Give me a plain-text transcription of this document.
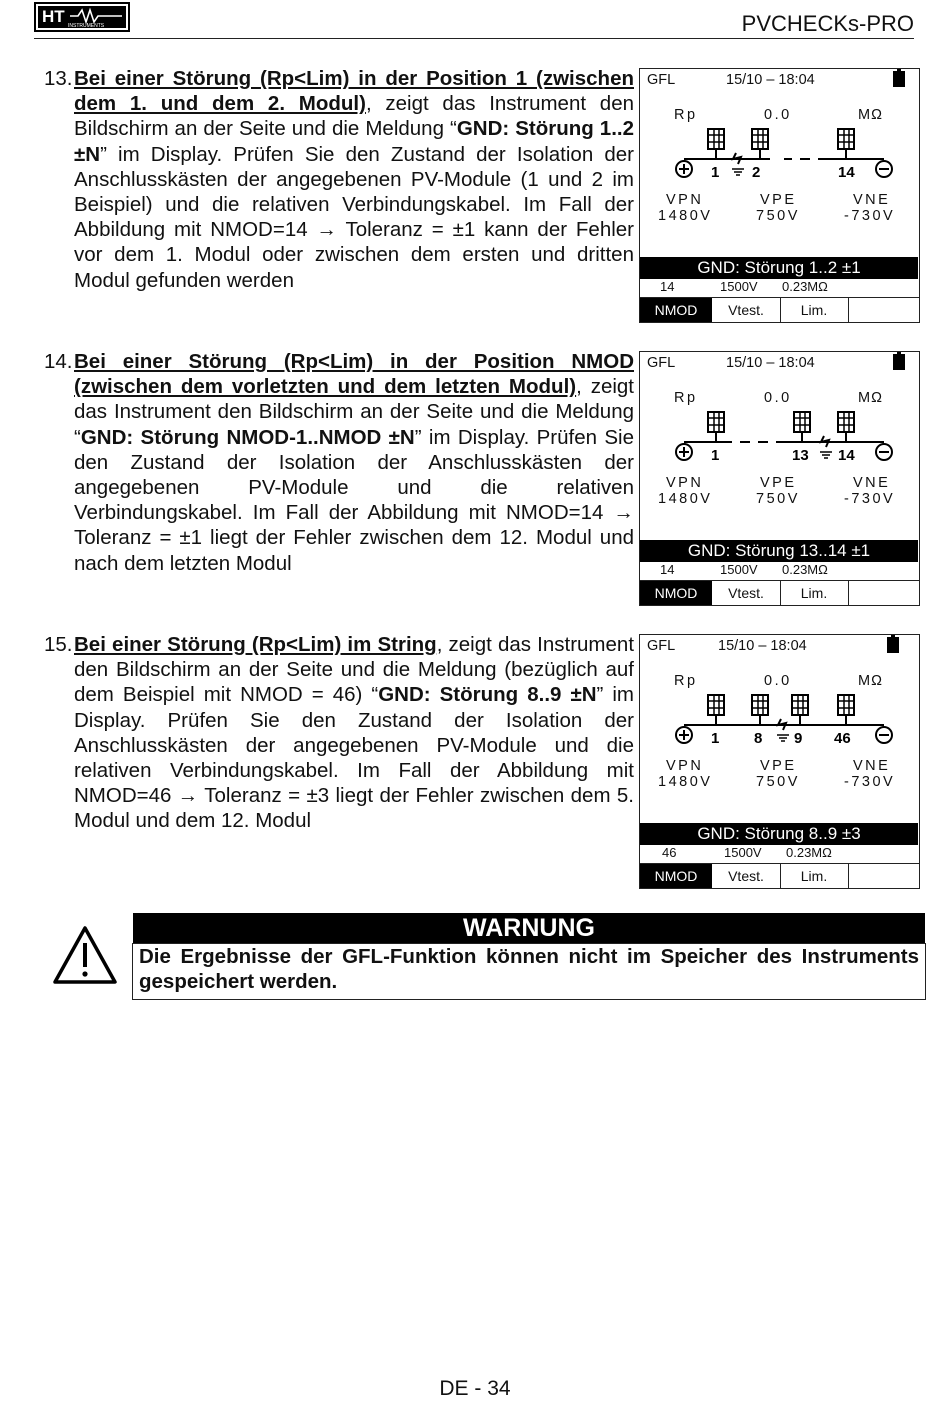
HT INSTRUMENTS	PVCHECKs-PRO
13. Bei einer Störung (Rp<Lim) in der Position 1 (zwischen dem 1. und dem 2. Modul), zeigt das Instrument den Bildschirm an der Seite und die Meldung “GND: Störung 1..2 ±N” im Display. Prüfen Sie den Zustand der Isolation der Anschlusskästen der angegebenen PV-Module (1 und 2 im Beispiel) und die relativen Verbindungskabel. Im Fall der Abbildung mit NMOD=14 → Toleranz = ±1 kann der Fehler vor dem 1. Modul oder zwischen dem ersten und dritten Modul gefunden werden
14. Bei einer Störung (Rp<Lim) in der Position NMOD (zwischen dem vorletzten und dem letzten Modul), zeigt das Instrument den Bildschirm an der Seite und die Meldung “GND: Störung NMOD-1..NMOD ±N” im Display. Prüfen Sie den Zustand der Isolation der Anschlusskästen der angegebenen PV-Module und die relativen Verbindungskabel. Im Fall der Abbildung mit NMOD=14 → Toleranz = ±1 liegt der Fehler zwischen dem 12. Modul und nach dem letzten Modul
15. Bei einer Störung (Rp<Lim) im String, zeigt das Instrument den Bildschirm an der Seite und die Meldung (bezüglich auf dem Beispiel mit NMOD = 46) “GND: Störung 8..9 ±N” im Display. Prüfen Sie den Zustand der Isolation der Anschlusskästen der angegebenen PV-Module und die relativen Verbindungskabel. Im Fall der Abbildung mit NMOD=46 → Toleranz = ±3 liegt der Fehler zwischen dem 5. Modul und dem 12. Modul
GFL	15/10 – 18:04
Rp	0.0	MΩ
1 2	14
VPN	VPE	VNE
1480V	750V	-730V
GND: Störung 1..2 ±1
14	1500V 0.23MΩ
NMOD	Vtest.	Lim.
GFL	15/10 – 18:04
Rp	0.0	MΩ
1	13 14
VPN	VPE	VNE
1480V	750V	-730V
GND: Störung 13..14 ±1
14	1500V 0.23MΩ
NMOD	Vtest.	Lim.
GFL	15/10 – 18:04
Rp	0.0	MΩ
1 8 9 46
VPN	VPE	VNE
1480V	750V	-730V
GND: Störung 8..9 ±3
46	1500V 0.23MΩ
NMOD	Vtest.	Lim.
WARNUNG
Die Ergebnisse der GFL-Funktion können nicht im Speicher des Instruments gespeichert werden.
DE - 34
